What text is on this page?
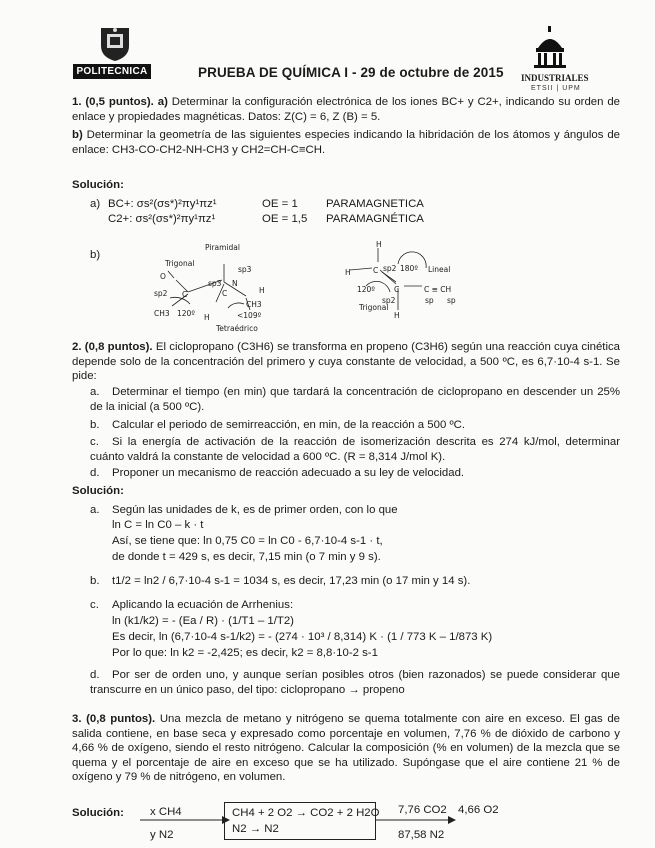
POLITECNICA	PRUEBA DE QUÍMICA I - 29 de octubre de 2015 INDUSTRIALES
ETSII | UPM
1. (0,5 puntos). a) Determinar la configuración electrónica de los iones BC+ y C2+, indicando su orden de enlace y propiedades magnéticas. Datos: Z(C) = 6, Z (B) = 5.
b) Determinar la geometría de las siguientes especies indicando la hibridación de los átomos y ángulos de enlace: CH3-CO-CH2-NH-CH3 y CH2=CH-C≡CH.
Solución:
a) BC+: σs²(σs*)²πy¹πz¹	OE = 1 PARAMAGNETICA
C2+: σs²(σs*)²πy¹πz¹	OE = 1,5 PARAMAGNÉTICA
b)
Piramidal
Trigonal
sp3
O
sp3 N
H
sp2 C	C
CH3
CH3 120º H	<109º
Tetraédrico
H
180º Lineal
H	C sp2
120º	C	C ≡ CH
sp2	sp sp
Trigonal
H
2. (0,8 puntos). El ciclopropano (C3H6) se transforma en propeno (C3H6) según una reacción cuya cinética depende solo de la concentración del primero y cuya constante de velocidad, a 500 ºC, es 6,7·10-4 s-1. Se pide:
a. Determinar el tiempo (en min) que tardará la concentración de ciclopropano en descender un 25% de la inicial (a 500 ºC).
b. Calcular el periodo de semirreacción, en min, de la reacción a 500 ºC.
c. Si la energía de activación de la reacción de isomerización descrita es 274 kJ/mol, determinar cuánto valdrá la constante de velocidad a 600 ºC. (R = 8,314 J/mol K).
d. Proponer un mecanismo de reacción adecuado a su ley de velocidad.
Solución:
a. Según las unidades de k, es de primer orden, con lo que
ln C = ln C0 – k · t
Así, se tiene que: ln 0,75 C0 = ln C0 - 6,7·10-4 s-1 · t,
de donde t = 429 s, es decir, 7,15 min (o 7 min y 9 s).
b. t1/2 = ln2 / 6,7·10-4 s-1 = 1034 s, es decir, 17,23 min (o 17 min y 14 s).
c. Aplicando la ecuación de Arrhenius:
ln (k1/k2) = - (Ea / R) · (1/T1 – 1/T2)
Es decir, ln (6,7·10-4 s-1/k2) = - (274 · 10³ / 8,314) K · (1 / 773 K – 1/873 K)
Por lo que: ln k2 = -2,425; es decir, k2 = 8,8·10-2 s-1
d. Por ser de orden uno, y aunque serían posibles otros (bien razonados) se puede considerar que transcurre en un único paso, del tipo: ciclopropano → propeno
3. (0,8 puntos). Una mezcla de metano y nitrógeno se quema totalmente con aire en exceso. El gas de salida contiene, en base seca y expresado como porcentaje en volumen, 7,76 % de dióxido de carbono y 4,66 % de oxígeno, siendo el resto nitrógeno. Calcular la composición (% en volumen) de la mezcla que se quema y el porcentaje de aire en exceso que se ha utilizado. Supóngase que el aire contiene 21 % de oxígeno y 79 % de nitrógeno, en volumen.
Solución: x CH4
y N2
CH4 + 2 O2 → CO2 + 2 H2O
N2 → N2
7,76 CO2 4,66 O2
87,58 N2
